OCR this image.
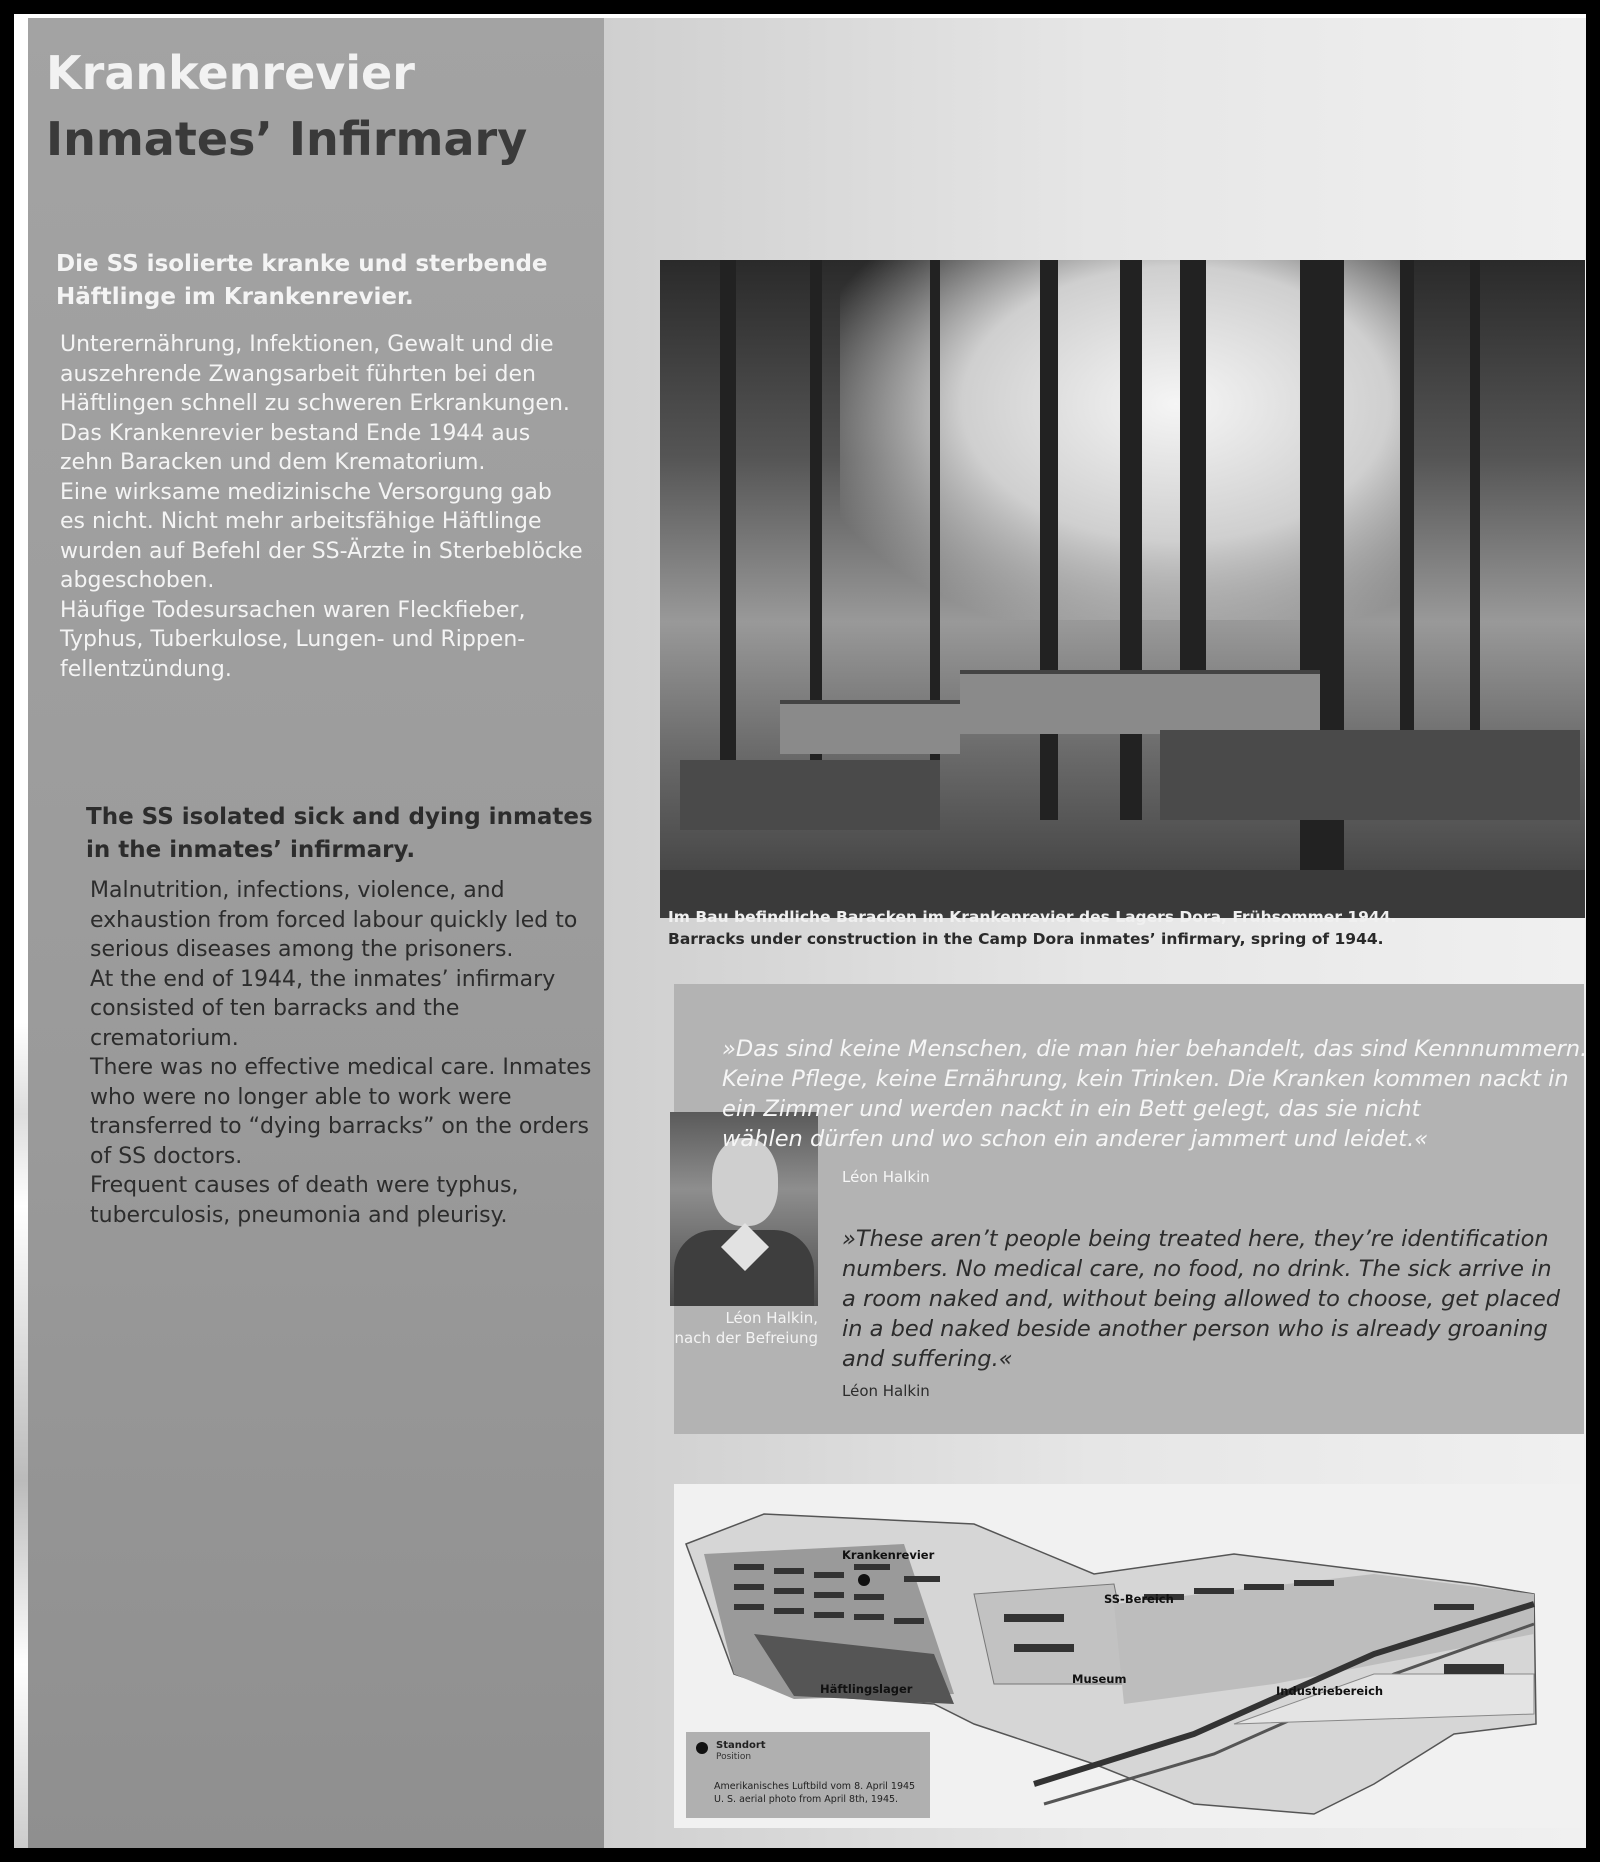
Krankenrevier
Inmates’ Infirmary

Die SS isolierte kranke und sterbende
Häftlinge im Krankenrevier.

Unterernährung, Infektionen, Gewalt und die
auszehrende Zwangsarbeit führten bei den
Häftlingen schnell zu schweren Erkrankungen.
Das Krankenrevier bestand Ende 1944 aus
zehn Baracken und dem Krematorium.
Eine wirksame medizinische Versorgung gab
es nicht. Nicht mehr arbeitsfähige Häftlinge
wurden auf Befehl der SS-Ärzte in Sterbeblöcke
abgeschoben.
Häufige Todesursachen waren Fleckfieber,
Typhus, Tuberkulose, Lungen- und Rippen-
fellentzündung.

The SS isolated sick and dying inmates
in the inmates’ infirmary.

Malnutrition, infections, violence, and
exhaustion from forced labour quickly led to
serious diseases among the prisoners.
At the end of 1944, the inmates’ infirmary
consisted of ten barracks and the
crematorium.
There was no effective medical care. Inmates
who were no longer able to work were
transferred to “dying barracks” on the orders
of SS doctors.
Frequent causes of death were typhus,
tuberculosis, pneumonia and pleurisy.

Im Bau befindliche Baracken im Krankenrevier des Lagers Dora, Frühsommer 1944.
Barracks under construction in the Camp Dora inmates’ infirmary, spring of 1944.

Léon Halkin,
nach der Befreiung

»Das sind keine Menschen, die man hier behandelt, das sind Kennnummern.
Keine Pflege, keine Ernährung, kein Trinken. Die Kranken kommen nackt in
ein Zimmer und werden nackt in ein Bett gelegt, das sie nicht
wählen dürfen und wo schon ein anderer jammert und leidet.«

Léon Halkin

»These aren’t people being treated here, they’re identification
numbers. No medical care, no food, no drink. The sick arrive in
a room naked and, without being allowed to choose, get placed
in a bed naked beside another person who is already groaning
and suffering.«

Léon Halkin

Krankenrevier

SS-Bereich

Häftlingslager

Museum

Industriebereich

Standort

Position

Amerikanisches Luftbild vom 8. April 1945
U. S. aerial photo from April 8th, 1945.
